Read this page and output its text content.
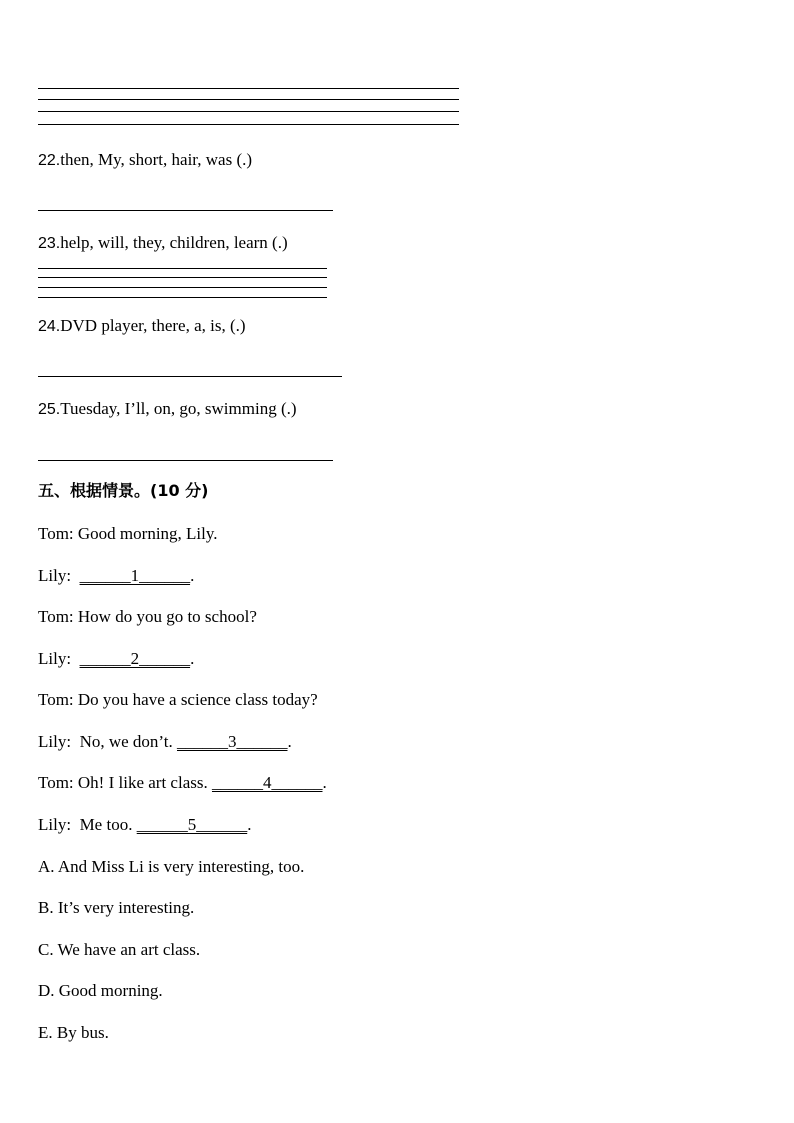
22.then, My, short, hair, was (.)
23.help, will, they, children, learn (.)
24.DVD player, there, a, is, (.)
25.Tuesday, I’ll, on, go, swimming (.)
五、根据情景。(10 分)
Tom: Good morning, Lily.
Lily: ______1______.
Tom: How do you go to school?
Lily: ______2______.
Tom: Do you have a science class today?
Lily: No, we don’t. ______3______.
Tom: Oh! I like art class. ______4______.
Lily: Me too. ______5______.
A. And Miss Li is very interesting, too.
B. It’s very interesting.
C. We have an art class.
D. Good morning.
E. By bus.
